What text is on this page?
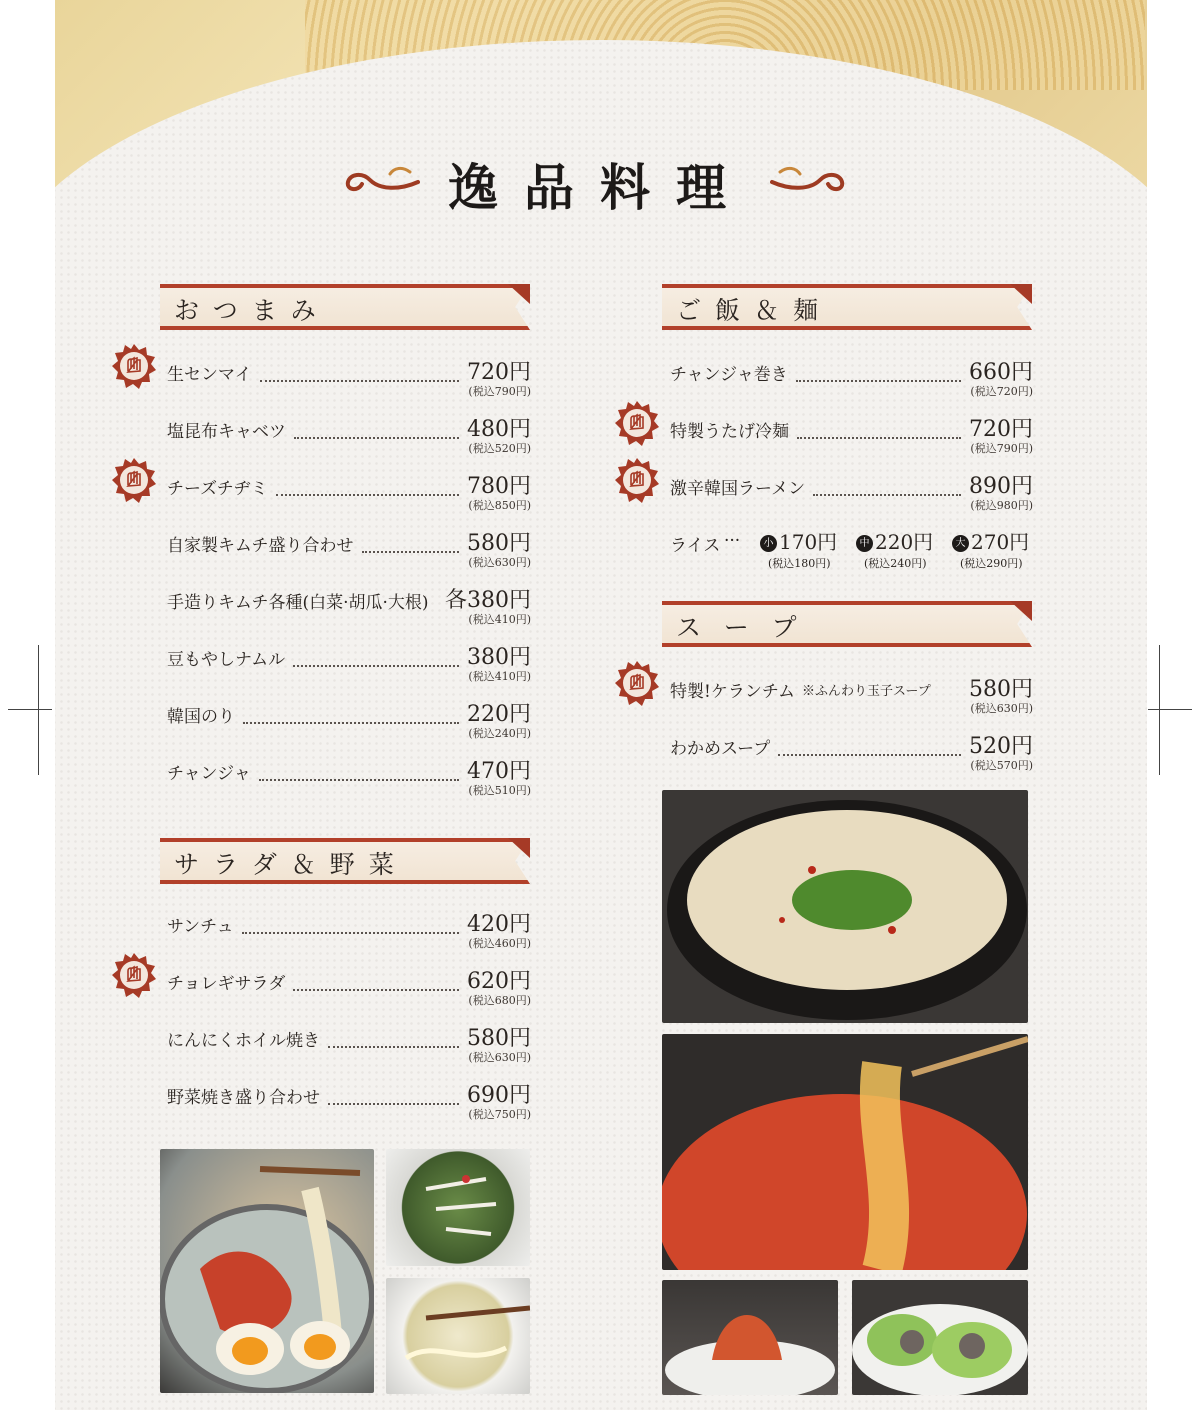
逸品料理
おつまみ
サラダ＆野菜
ご飯＆麺
スープ
生センマイ	720円
(税込790円)
塩昆布キャベツ	480円
(税込520円)
チーズチヂミ	780円
(税込850円)
自家製キムチ盛り合わせ	580円
(税込630円)
手造りキムチ各種(白菜·胡瓜·大根) 各380円
(税込410円)
豆もやしナムル	380円
(税込410円)
韓国のり	220円
(税込240円)
チャンジャ	470円
(税込510円)
サンチュ	420円
(税込460円)
チョレギサラダ	620円
(税込680円)
にんにくホイル焼き	580円
(税込630円)
野菜焼き盛り合わせ	690円
(税込750円)
チャンジャ巻き	660円
(税込720円)
特製うたげ冷麺	720円
(税込790円)
激辛韓国ラーメン	890円
(税込980円)
特製!ケランチム ※ふんわり玉子スープ 580円
(税込630円)
わかめスープ	520円
(税込570円)
ライス ···	小 170円
(税込180円)
中 220円
(税込240円)
大 270円
(税込290円)
